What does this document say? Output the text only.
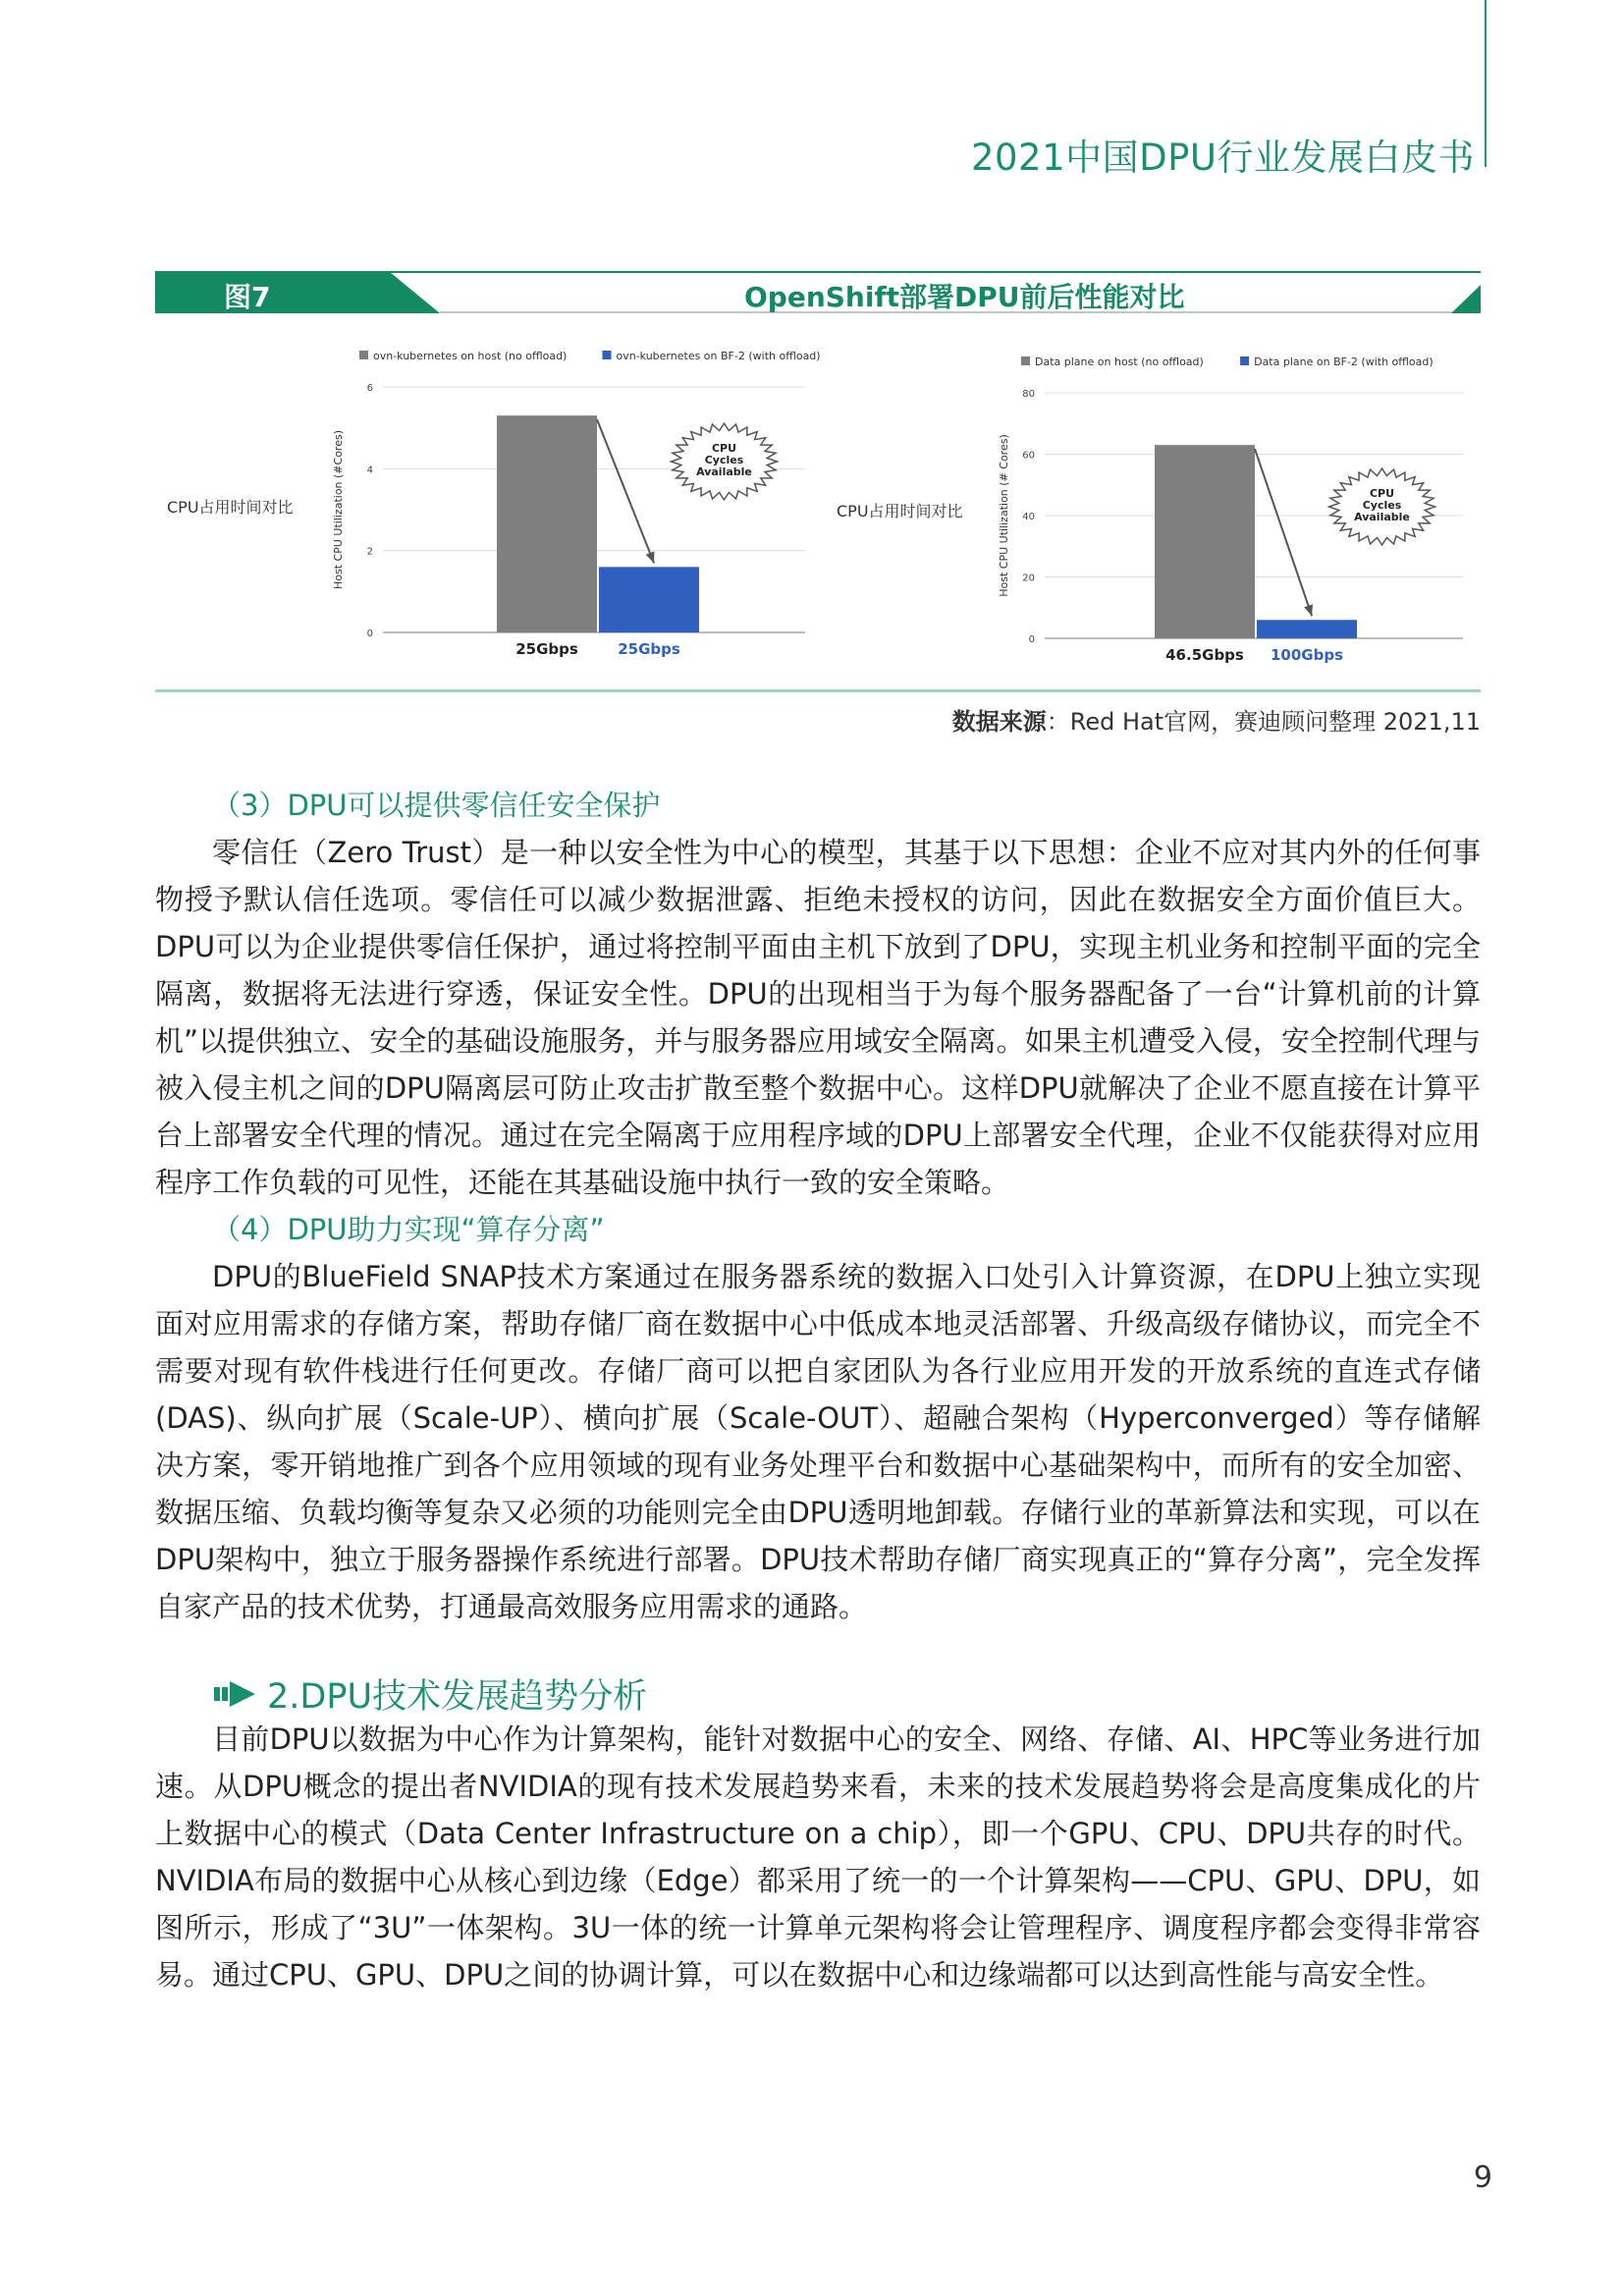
2021中国DPU行业发展白皮书
图7	OpenShift部署DPU前后性能对比
CPU占用时间对比	Host CPU Utilization (#Cores)
0
2
4
6
ovn-kubernetes on host (no offload)	ovn-kubernetes on BF-2 (with offload)
25Gbps	25Gbps
CPU
Cycles
Available
CPU占用时间对比	Host CPU Utilization (# Cores)
0
20
40
60
80
Data plane on host (no offload)	Data plane on BF-2 (with offload)
46.5Gbps 100Gbps
CPU
Cycles
Available
数据来源：Red Hat官网，赛迪顾问整理 2021,11
（3）DPU可以提供零信任安全保护

零信任（Zero Trust）是一种以安全性为中心的模型，其基于以下思想：企业不应对其内外的任何事物授予默认信任选项。零信任可以减少数据泄露、拒绝未授权的访问，因此在数据安全方面价值巨大。DPU可以为企业提供零信任保护，通过将控制平面由主机下放到了DPU，实现主机业务和控制平面的完全隔离，数据将无法进行穿透，保证安全性。DPU的出现相当于为每个服务器配备了一台“计算机前的计算机”以提供独立、安全的基础设施服务，并与服务器应用域安全隔离。如果主机遭受入侵，安全控制代理与被入侵主机之间的DPU隔离层可防止攻击扩散至整个数据中心。这样DPU就解决了企业不愿直接在计算平台上部署安全代理的情况。通过在完全隔离于应用程序域的DPU上部署安全代理，企业不仅能获得对应用程序工作负载的可见性，还能在其基础设施中执行一致的安全策略。

（4）DPU助力实现“算存分离”

DPU的BlueField SNAP技术方案通过在服务器系统的数据入口处引入计算资源，在DPU上独立实现面对应用需求的存储方案，帮助存储厂商在数据中心中低成本地灵活部署、升级高级存储协议，而完全不需要对现有软件栈进行任何更改。存储厂商可以把自家团队为各行业应用开发的开放系统的直连式存储(DAS)、纵向扩展（Scale-UP）、横向扩展（Scale-OUT）、超融合架构（Hyperconverged）等存储解决方案，零开销地推广到各个应用领域的现有业务处理平台和数据中心基础架构中，而所有的安全加密、数据压缩、负载均衡等复杂又必须的功能则完全由DPU透明地卸载。存储行业的革新算法和实现，可以在DPU架构中，独立于服务器操作系统进行部署。DPU技术帮助存储厂商实现真正的“算存分离”，完全发挥自家产品的技术优势，打通最高效服务应用需求的通路。

2.DPU技术发展趋势分析

目前DPU以数据为中心作为计算架构，能针对数据中心的安全、网络、存储、AI、HPC等业务进行加速。从DPU概念的提出者NVIDIA的现有技术发展趋势来看，未来的技术发展趋势将会是高度集成化的片上数据中心的模式（Data Center Infrastructure on a chip），即一个GPU、CPU、DPU共存的时代。NVIDIA布局的数据中心从核心到边缘（Edge）都采用了统一的一个计算架构——CPU、GPU、DPU，如图所示，形成了“3U”一体架构。3U一体的统一计算单元架构将会让管理程序、调度程序都会变得非常容易。通过CPU、GPU、DPU之间的协调计算，可以在数据中心和边缘端都可以达到高性能与高安全性。

9
